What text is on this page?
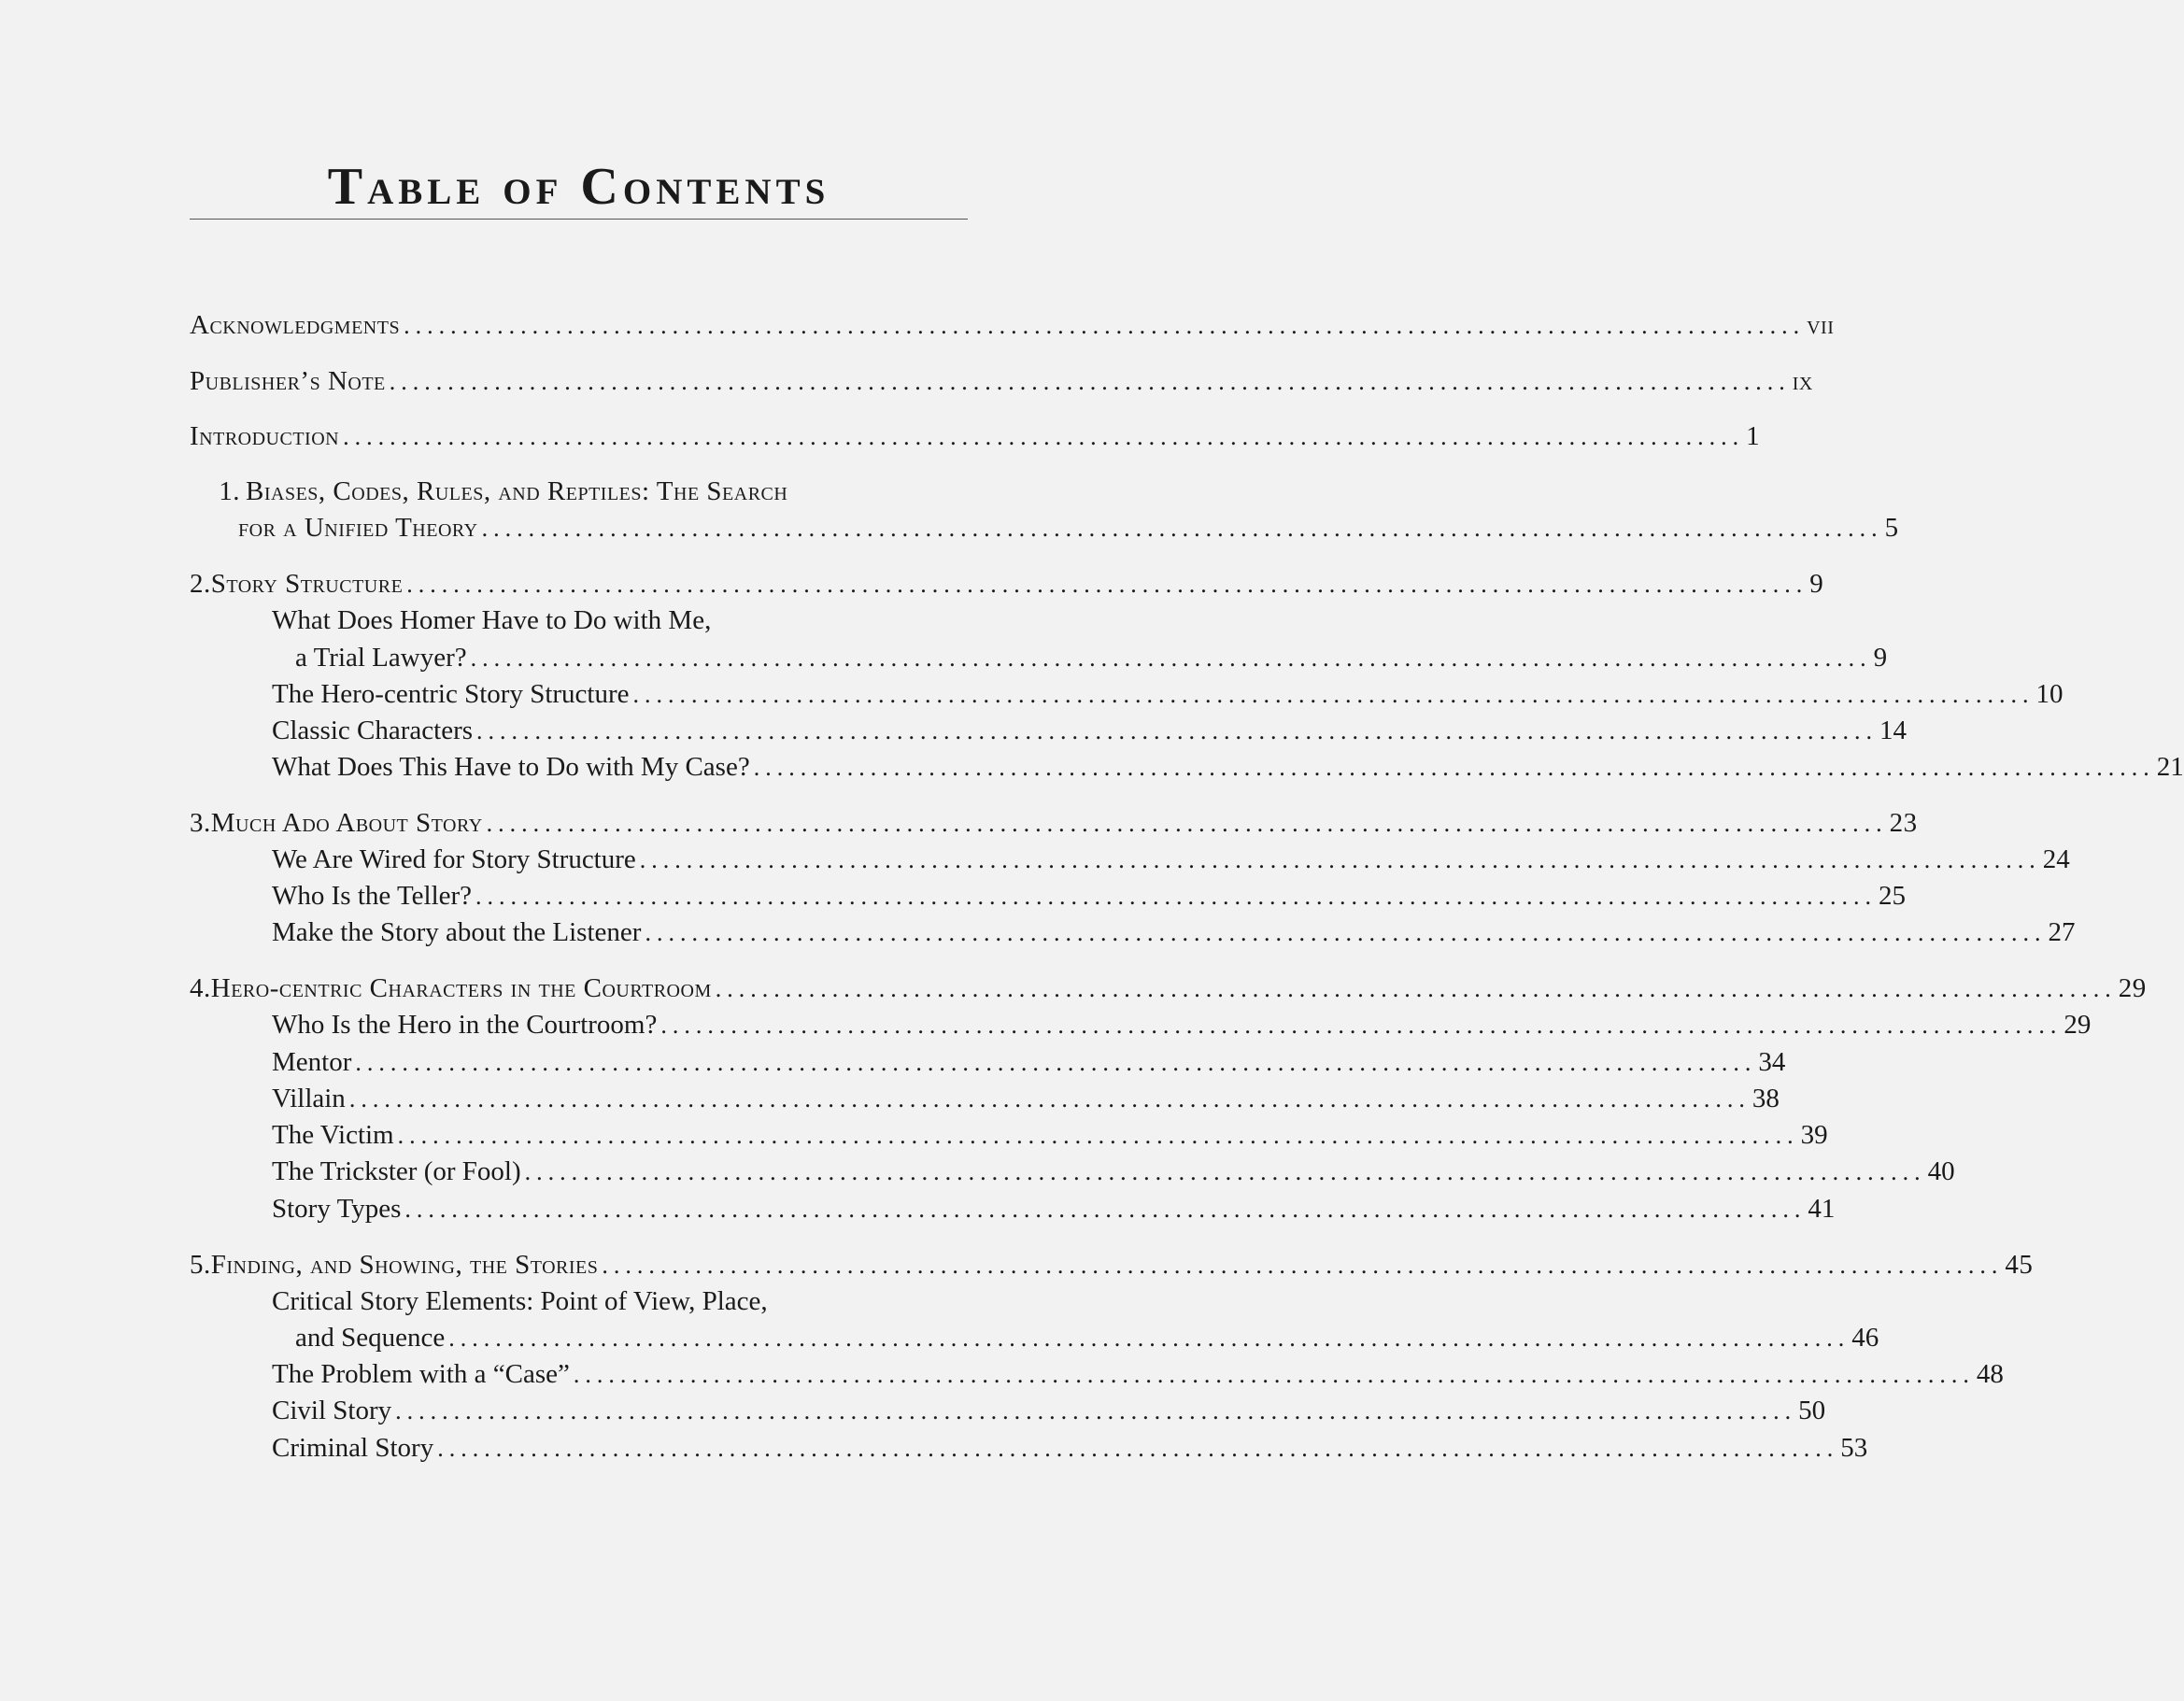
Table of Contents
Acknowledgments ........................................................................................................................ vii
Publisher’s Note ........................................................................................................................ ix
Introduction ........................................................................................................................ 1
1. Biases, Codes, Rules, and Reptiles: The Search
for a Unified Theory ........................................................................................................................ 5
2. Story Structure ........................................................................................................................ 9
What Does Homer Have to Do with Me,
a Trial Lawyer? ........................................................................................................................ 9
The Hero-centric Story Structure ........................................................................................................................ 10
Classic Characters ........................................................................................................................ 14
What Does This Have to Do with My Case? ........................................................................................................................ 21
3. Much Ado About Story ........................................................................................................................ 23
We Are Wired for Story Structure ........................................................................................................................ 24
Who Is the Teller? ........................................................................................................................ 25
Make the Story about the Listener ........................................................................................................................ 27
4. Hero-centric Characters in the Courtroom ........................................................................................................................ 29
Who Is the Hero in the Courtroom? ........................................................................................................................ 29
Mentor ........................................................................................................................ 34
Villain ........................................................................................................................ 38
The Victim ........................................................................................................................ 39
The Trickster (or Fool) ........................................................................................................................ 40
Story Types ........................................................................................................................ 41
5. Finding, and Showing, the Stories ........................................................................................................................ 45
Critical Story Elements: Point of View, Place,
and Sequence ........................................................................................................................ 46
The Problem with a “Case” ........................................................................................................................ 48
Civil Story ........................................................................................................................ 50
Criminal Story ........................................................................................................................ 53
